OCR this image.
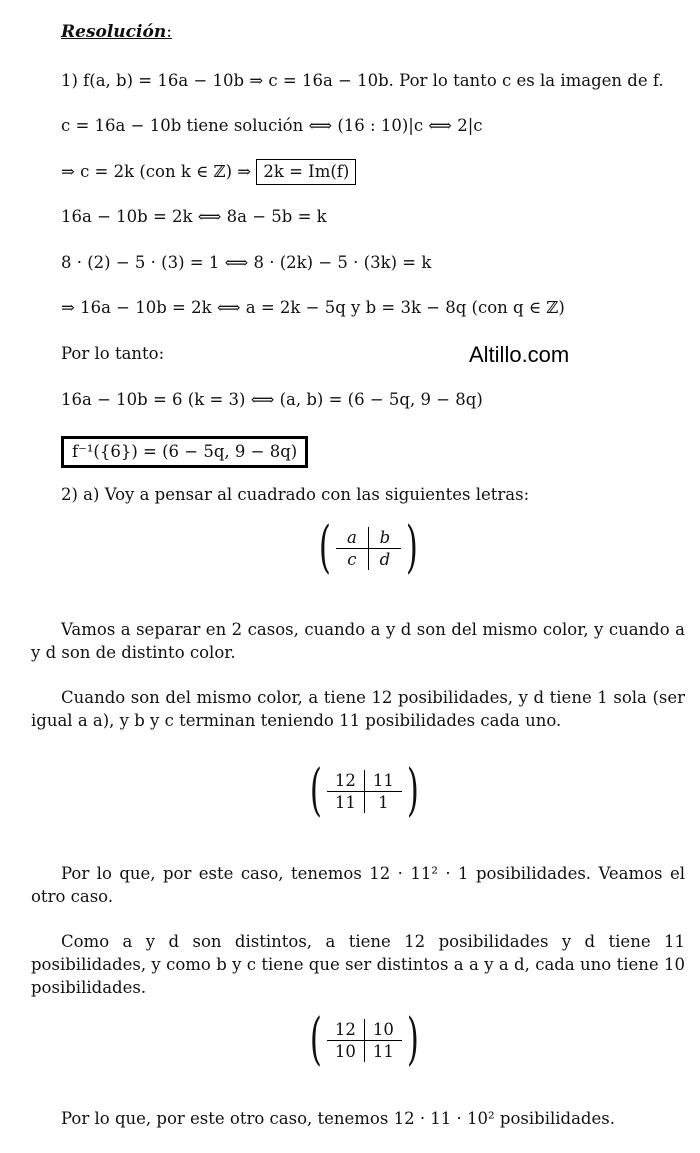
Resolución:
1) f(a, b) = 16a − 10b ⇒ c = 16a − 10b. Por lo tanto c es la imagen de f.
c = 16a − 10b tiene solución ⟺ (16 : 10)|c ⟺ 2|c
⇒ c = 2k (con k ∈ ℤ) ⇒ 2k = Im(f)
16a − 10b = 2k ⟺ 8a − 5b = k
8 · (2) − 5 · (3) = 1 ⟺ 8 · (2k) − 5 · (3k) = k
⇒ 16a − 10b = 2k ⟺ a = 2k − 5q y b = 3k − 8q (con q ∈ ℤ)
Por lo tanto:	Altillo.com
16a − 10b = 6 (k = 3) ⟺ (a, b) = (6 − 5q, 9 − 8q)
f⁻¹({6}) = (6 − 5q, 9 − 8q)
2) a) Voy a pensar al cuadrado con las siguientes letras:
( a	b
c	d )
Vamos a separar en 2 casos, cuando a y d son del mismo color, y cuando a y d son de distinto color.
Cuando son del mismo color, a tiene 12 posibilidades, y d tiene 1 sola (ser igual a a), y b y c terminan teniendo 11 posibilidades cada uno.
( 12	11
11	1 )
Por lo que, por este caso, tenemos 12 · 11² · 1 posibilidades. Veamos el otro caso.
Como a y d son distintos, a tiene 12 posibilidades y d tiene 11 posibilidades, y como b y c tiene que ser distintos a a y a d, cada uno tiene 10 posibilidades.
( 12	10
10	11 )
Por lo que, por este otro caso, tenemos 12 · 11 · 10² posibilidades.
